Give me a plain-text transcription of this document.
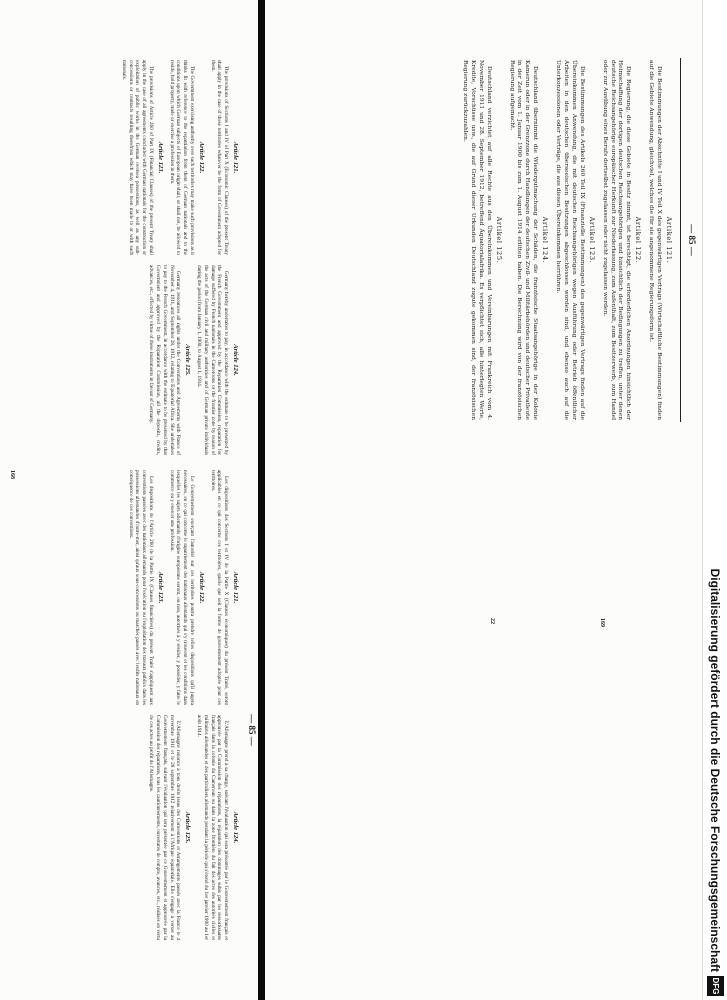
Digitalisierung gefördert durch die Deutsche Forschungsgemeinschaft
DFG
— 85 —
Artikel 121.

Die Bestimmungen der Abschnitte I und IV Teil X des gegenwärtigen Vertrags (Wirtschaftliche Bestimmungen) finden auf die Gebiete Anwendung, gleichviel, welches die für sie angenommene Regierungsform ist.

Artikel 122.

Die Regierung, die diese Gebiete in Besitz nimmt, ist berechtigt, die erforderlichen Anordnungen hinsichtlich der Heimschaffung der dortigen deutschen Reichsangehörigen und hinsichtlich der Bedingungen zu treffen, unter denen deutsche Reichsangehörige europäischer Herkunft zur Niederlassung, zum Aufenthalt, zum Besitzerwerb, zum Handel oder zur Ausübung eines Berufs dortselbst zugelassen oder nicht zugelassen werden.

Artikel 123.

Die Bestimmungen des Artikels 260 Teil IX (Finanzielle Bestimmungen) des gegenwärtigen Vertrags finden auf die Übereinkommen Anwendung, die mit deutschen Reichsangehörigen wegen Ausführung oder Betrieb öffentlicher Arbeiten in den deutschen überseeischen Besitzungen abgeschlossen worden sind, und ebenso auch auf die Unterkonzessionen oder Verträge, die aus diesen Übereinkommen herrühren.

Artikel 124.

Deutschland übernimmt die Wiedergutmachung der Schäden, die französische Staatsangehörige in der Kolonie Kamerun oder in der Grenzzone durch Handlungen der deutschen Zivil- und Militärbehörden und deutscher Privatleute in der Zeit vom 1. Januar 1900 bis zum 1. August 1914 erlitten haben. Die Berechnung wird von der französischen Regierung aufgemacht.

Artikel 125.

Deutschland verzichtet auf alle Rechte aus den Übereinkommen und Vereinbarungen mit Frankreich vom 4. November 1911 und 28. September 1912, betreffend Äquatorialafrika. Es verpflichtet sich, alle hinterlegten Werte, Kredite, Vorschüsse usw., die auf Grund dieser Urkunden Deutschland zugute gekommen sind, der französischen Regierung zurückzuzahlen.

169
22
— 85 —
Article 121.

The provisions of Sections I and IV of Part X (Economic Clauses) of the present Treaty shall apply in the case of these territories whatever be the form of Government adopted for them.

Article 122.

The Government exercising authority over such territories may make such provisions as it thinks fit with reference to the repatriation from them of German nationals and to the conditions upon which German subjects of European origin shall, or shall not, be allowed to reside, hold property, trade or exercise a profession in them.

Article 123.

The provisions of Article 260 of Part IX (Financial Clauses) of the present Treaty shall apply in the case of all agreements concluded with German nationals for the construction or exploitation of public works in the German oversea possessions, as well as any sub-concessions or contracts resulting therefrom which may have been made to or with such nationals.

Article 124.

Germany hereby undertakes to pay, in accordance with the estimate to be presented by the French Government and approved by the Reparation Commission, reparation for damage suffered by French nationals in the Cameroons or the frontier zone by reason of the acts of the German civil and military authorities and of German private individuals during the period from January 1, 1900, to August 1, 1914.

Article 125.

Germany renounces all rights under the Conventions and Agreements with France of November 4, 1911, and September 28, 1912, relating to Equatorial Africa. She undertakes to pay to the French Government, in accordance with the estimate to be presented by that Government and approved by the Reparation Commission, all the deposits, credits, advances, etc., effected by virtue of these instruments in favour of Germany.

Article 121.

Les dispositions des Sections I et IV de la Partie X (Clauses économiques) du présent Traité, seront applicables en ce qui concerne ces territoires, quelle que soit la forme de gouvernement adoptée pour ces territoires.

Article 122.

Le Gouvernement exerçant l'autorité sur ces territoires pourra prendre telles dispositions qu'il jugera nécessaires, en ce qui concerne le rapatriement des nationaux allemands qui s'y trouvent et les conditions dans lesquelles les sujets allemands d'origine européenne seront, ou non, autorisés à y résider, y posséder, y faire le commerce ou y exercer une profession.

Article 123.

Les dispositions de l'Article 260 de la Partie IX (Clauses financières) du présent Traité s'appliquent aux conventions passées avec des nationaux allemands pour l'exécution ou l'exploitation des travaux publics dans les possessions allemandes d'outre-mer, ainsi qu'aux sous-concessions ou marchés passés avec lesdits nationaux en conséquence de ces conventions.

Article 124.

L'Allemagne prend à sa charge, suivant l'évaluation qui sera présentée par le Gouvernement français et approuvée par la Commission des réparations, la réparation des dommages subis par les ressortissants français dans la colonie du Cameroun ou dans la zone frontière du fait des actes des autorités civiles et militaires allemandes et des particuliers allemands pendant la période qui s'étend du 1er janvier 1900 au 1er août 1914.

Article 125.

L'Allemagne renonce à tous droits issus des Conventions et Arrangements passés avec la France le 4 novembre 1911 et le 28 septembre 1912 relativement à l'Afrique équatoriale. Elle s'engage à verser au Gouvernement français, suivant l'évaluation qui sera présentée par ce Gouvernement et approuvée par la Commission des réparations, tous les cautionnements, ouvertures de compte, avances, etc., réalisés en vertu de ces actes au profit de l'Allemagne.

168
